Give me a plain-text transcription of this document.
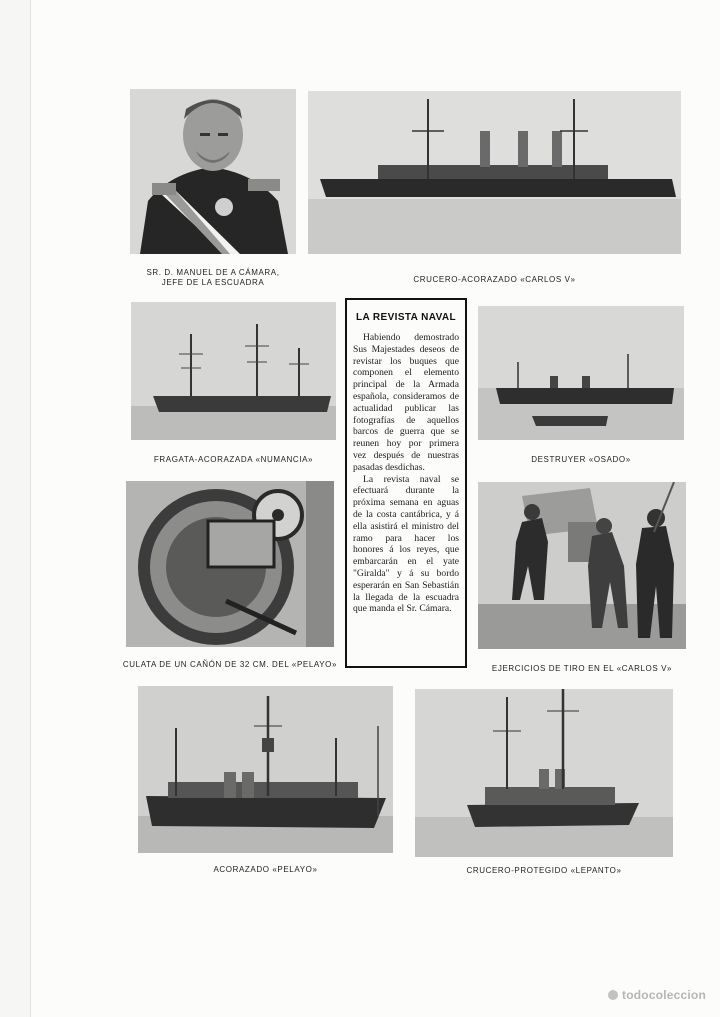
SR. D. MANUEL DE A CÁMARA,
JEFE DE LA ESCUADRA	CRUCERO-ACORAZADO «CARLOS V»
FRAGATA-ACORAZADA «NUMANCIA»	DESTRUYER «OSADO»
LA REVISTA NAVAL

Habiendo demostrado Sus Majestades deseos de revistar los buques que componen el elemento principal de la Armada española, consideramos de actualidad publicar las fotografías de aquellos barcos de guerra que se reunen hoy por primera vez después de nuestras pasadas desdichas.

La revista naval se efectuará durante la próxima semana en aguas de la costa cantábrica, y á ella asistirá el ministro del ramo para hacer los honores á los reyes, que embarcarán en el yate "Giralda" y á su bordo esperarán en San Sebastián la llegada de la escuadra que manda el Sr. Cámara.

CULATA DE UN CAÑÓN DE 32 CM. DEL «PELAYO»	EJERCICIOS DE TIRO EN EL «CARLOS V»
ACORAZADO «PELAYO»	CRUCERO-PROTEGIDO «LEPANTO»
todocoleccion
